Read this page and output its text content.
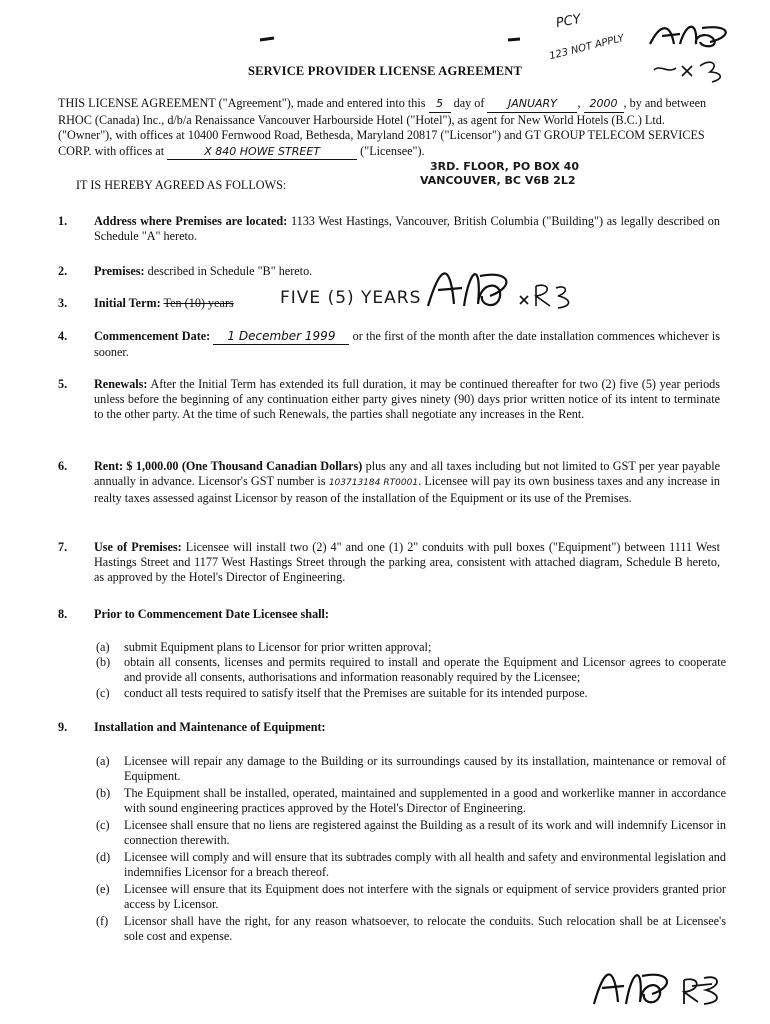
PCY
123 NOT APPLY
SERVICE PROVIDER LICENSE AGREEMENT
THIS LICENSE AGREEMENT ("Agreement"), made and entered into this 5 day of JANUARY , 2000 , by and between RHOC (Canada) Inc., d/b/a Renaissance Vancouver Harbourside Hotel ("Hotel"), as agent for New World Hotels (B.C.) Ltd. ("Owner"), with offices at 10400 Fernwood Road, Bethesda, Maryland 20817 ("Licensor") and GT GROUP TELECOM SERVICES CORP. with offices at	X 840 HOWE STREET	("Licensee").
3RD. FLOOR, PO BOX 40
VANCOUVER, BC V6B 2L2
IT IS HEREBY AGREED AS FOLLOWS:
1.	Address where Premises are located: 1133 West Hastings, Vancouver, British Columbia ("Building") as legally described on Schedule "A" hereto.
2.	Premises: described in Schedule "B" hereto.
3.	Initial Term: Ten (10) years	FIVE (5) YEARS
4.	Commencement Date: 1 December 1999 or the first of the month after the date installation commences whichever is sooner.
5.	Renewals: After the Initial Term has extended its full duration, it may be continued thereafter for two (2) five (5) year periods unless before the beginning of any continuation either party gives ninety (90) days prior written notice of its intent to terminate to the other party. At the time of such Renewals, the parties shall negotiate any increases in the Rent.
6.	Rent: $ 1,000.00 (One Thousand Canadian Dollars) plus any and all taxes including but not limited to GST per year payable annually in advance. Licensor's GST number is 103713184 RT0001. Licensee will pay its own business taxes and any increase in realty taxes assessed against Licensor by reason of the installation of the Equipment or its use of the Premises.
7.	Use of Premises: Licensee will install two (2) 4" and one (1) 2" conduits with pull boxes ("Equipment") between 1111 West Hastings Street and 1177 West Hastings Street through the parking area, consistent with attached diagram, Schedule B hereto, as approved by the Hotel's Director of Engineering.
8.	Prior to Commencement Date Licensee shall:
(a)	submit Equipment plans to Licensor for prior written approval;
(b)	obtain all consents, licenses and permits required to install and operate the Equipment and Licensor agrees to cooperate and provide all consents, authorisations and information reasonably required by the Licensee;
(c)	conduct all tests required to satisfy itself that the Premises are suitable for its intended purpose.
9.	Installation and Maintenance of Equipment:
(a)	Licensee will repair any damage to the Building or its surroundings caused by its installation, maintenance or removal of Equipment.
(b)	The Equipment shall be installed, operated, maintained and supplemented in a good and workerlike manner in accordance with sound engineering practices approved by the Hotel's Director of Engineering.
(c)	Licensee shall ensure that no liens are registered against the Building as a result of its work and will indemnify Licensor in connection therewith.
(d)	Licensee will comply and will ensure that its subtrades comply with all health and safety and environmental legislation and indemnifies Licensor for a breach thereof.
(e)	Licensee will ensure that its Equipment does not interfere with the signals or equipment of service providers granted prior access by Licensor.
(f)	Licensor shall have the right, for any reason whatsoever, to relocate the conduits. Such relocation shall be at Licensee's sole cost and expense.
